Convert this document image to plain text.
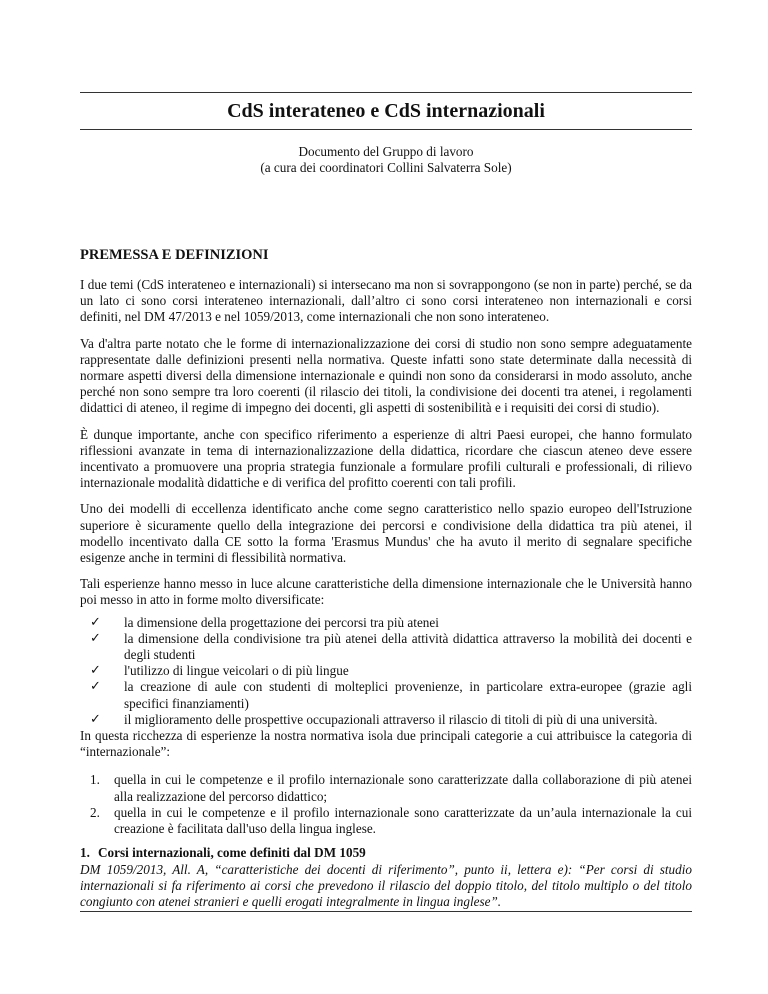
CdS interateneo e CdS internazionali
Documento del Gruppo di lavoro
(a cura dei coordinatori Collini Salvaterra Sole)
PREMESSA E DEFINIZIONI

I due temi (CdS interateneo e internazionali) si intersecano ma non si sovrappongono (se non in parte) perché, se da un lato ci sono corsi interateneo internazionali, dall’altro ci sono corsi interateneo non internazionali e corsi definiti, nel DM 47/2013 e nel 1059/2013, come internazionali che non sono interateneo.

Va d'altra parte notato che le forme di internazionalizzazione dei corsi di studio non sono sempre adeguatamente rappresentate dalle definizioni presenti nella normativa. Queste infatti sono state determinate dalla necessità di normare aspetti diversi della dimensione internazionale e quindi non sono da considerarsi in modo assoluto, anche perché non sono sempre tra loro coerenti (il rilascio dei titoli, la condivisione dei docenti tra atenei, i regolamenti didattici di ateneo, il regime di impegno dei docenti, gli aspetti di sostenibilità e i requisiti dei corsi di studio).

È dunque importante, anche con specifico riferimento a esperienze di altri Paesi europei, che hanno formulato riflessioni avanzate in tema di internazionalizzazione della didattica, ricordare che ciascun ateneo deve essere incentivato a promuovere una propria strategia funzionale a formulare profili culturali e professionali, di rilievo internazionale modalità didattiche e di verifica del profitto coerenti con tali profili.

Uno dei modelli di eccellenza identificato anche come segno caratteristico nello spazio europeo dell'Istruzione superiore è sicuramente quello della integrazione dei percorsi e condivisione della didattica tra più atenei, il modello incentivato dalla CE sotto la forma 'Erasmus Mundus' che ha avuto il merito di segnalare specifiche esigenze anche in termini di flessibilità normativa.

Tali esperienze hanno messo in luce alcune caratteristiche della dimensione internazionale che le Università hanno poi messo in atto in forme molto diversificate:

✓ la dimensione della progettazione dei percorsi tra più atenei
✓ la dimensione della condivisione tra più atenei della attività didattica attraverso la mobilità dei docenti e degli studenti
✓ l'utilizzo di lingue veicolari o di più lingue
✓ la creazione di aule con studenti di molteplici provenienze, in particolare extra-europee (grazie agli specifici finanziamenti)
✓ il miglioramento delle prospettive occupazionali attraverso il rilascio di titoli di più di una università.
In questa ricchezza di esperienze la nostra normativa isola due principali categorie a cui attribuisce la categoria di “internazionale”:
1. quella in cui le competenze e il profilo internazionale sono caratterizzate dalla collaborazione di più atenei alla realizzazione del percorso didattico;
2. quella in cui le competenze e il profilo internazionale sono caratterizzate da un’aula internazionale la cui creazione è facilitata dall'uso della lingua inglese.
1. Corsi internazionali, come definiti dal DM 1059

DM 1059/2013, All. A, “caratteristiche dei docenti di riferimento”, punto ii, lettera e): “Per corsi di studio internazionali si fa riferimento ai corsi che prevedono il rilascio del doppio titolo, del titolo multiplo o del titolo congiunto con atenei stranieri e quelli erogati integralmente in lingua inglese”.
